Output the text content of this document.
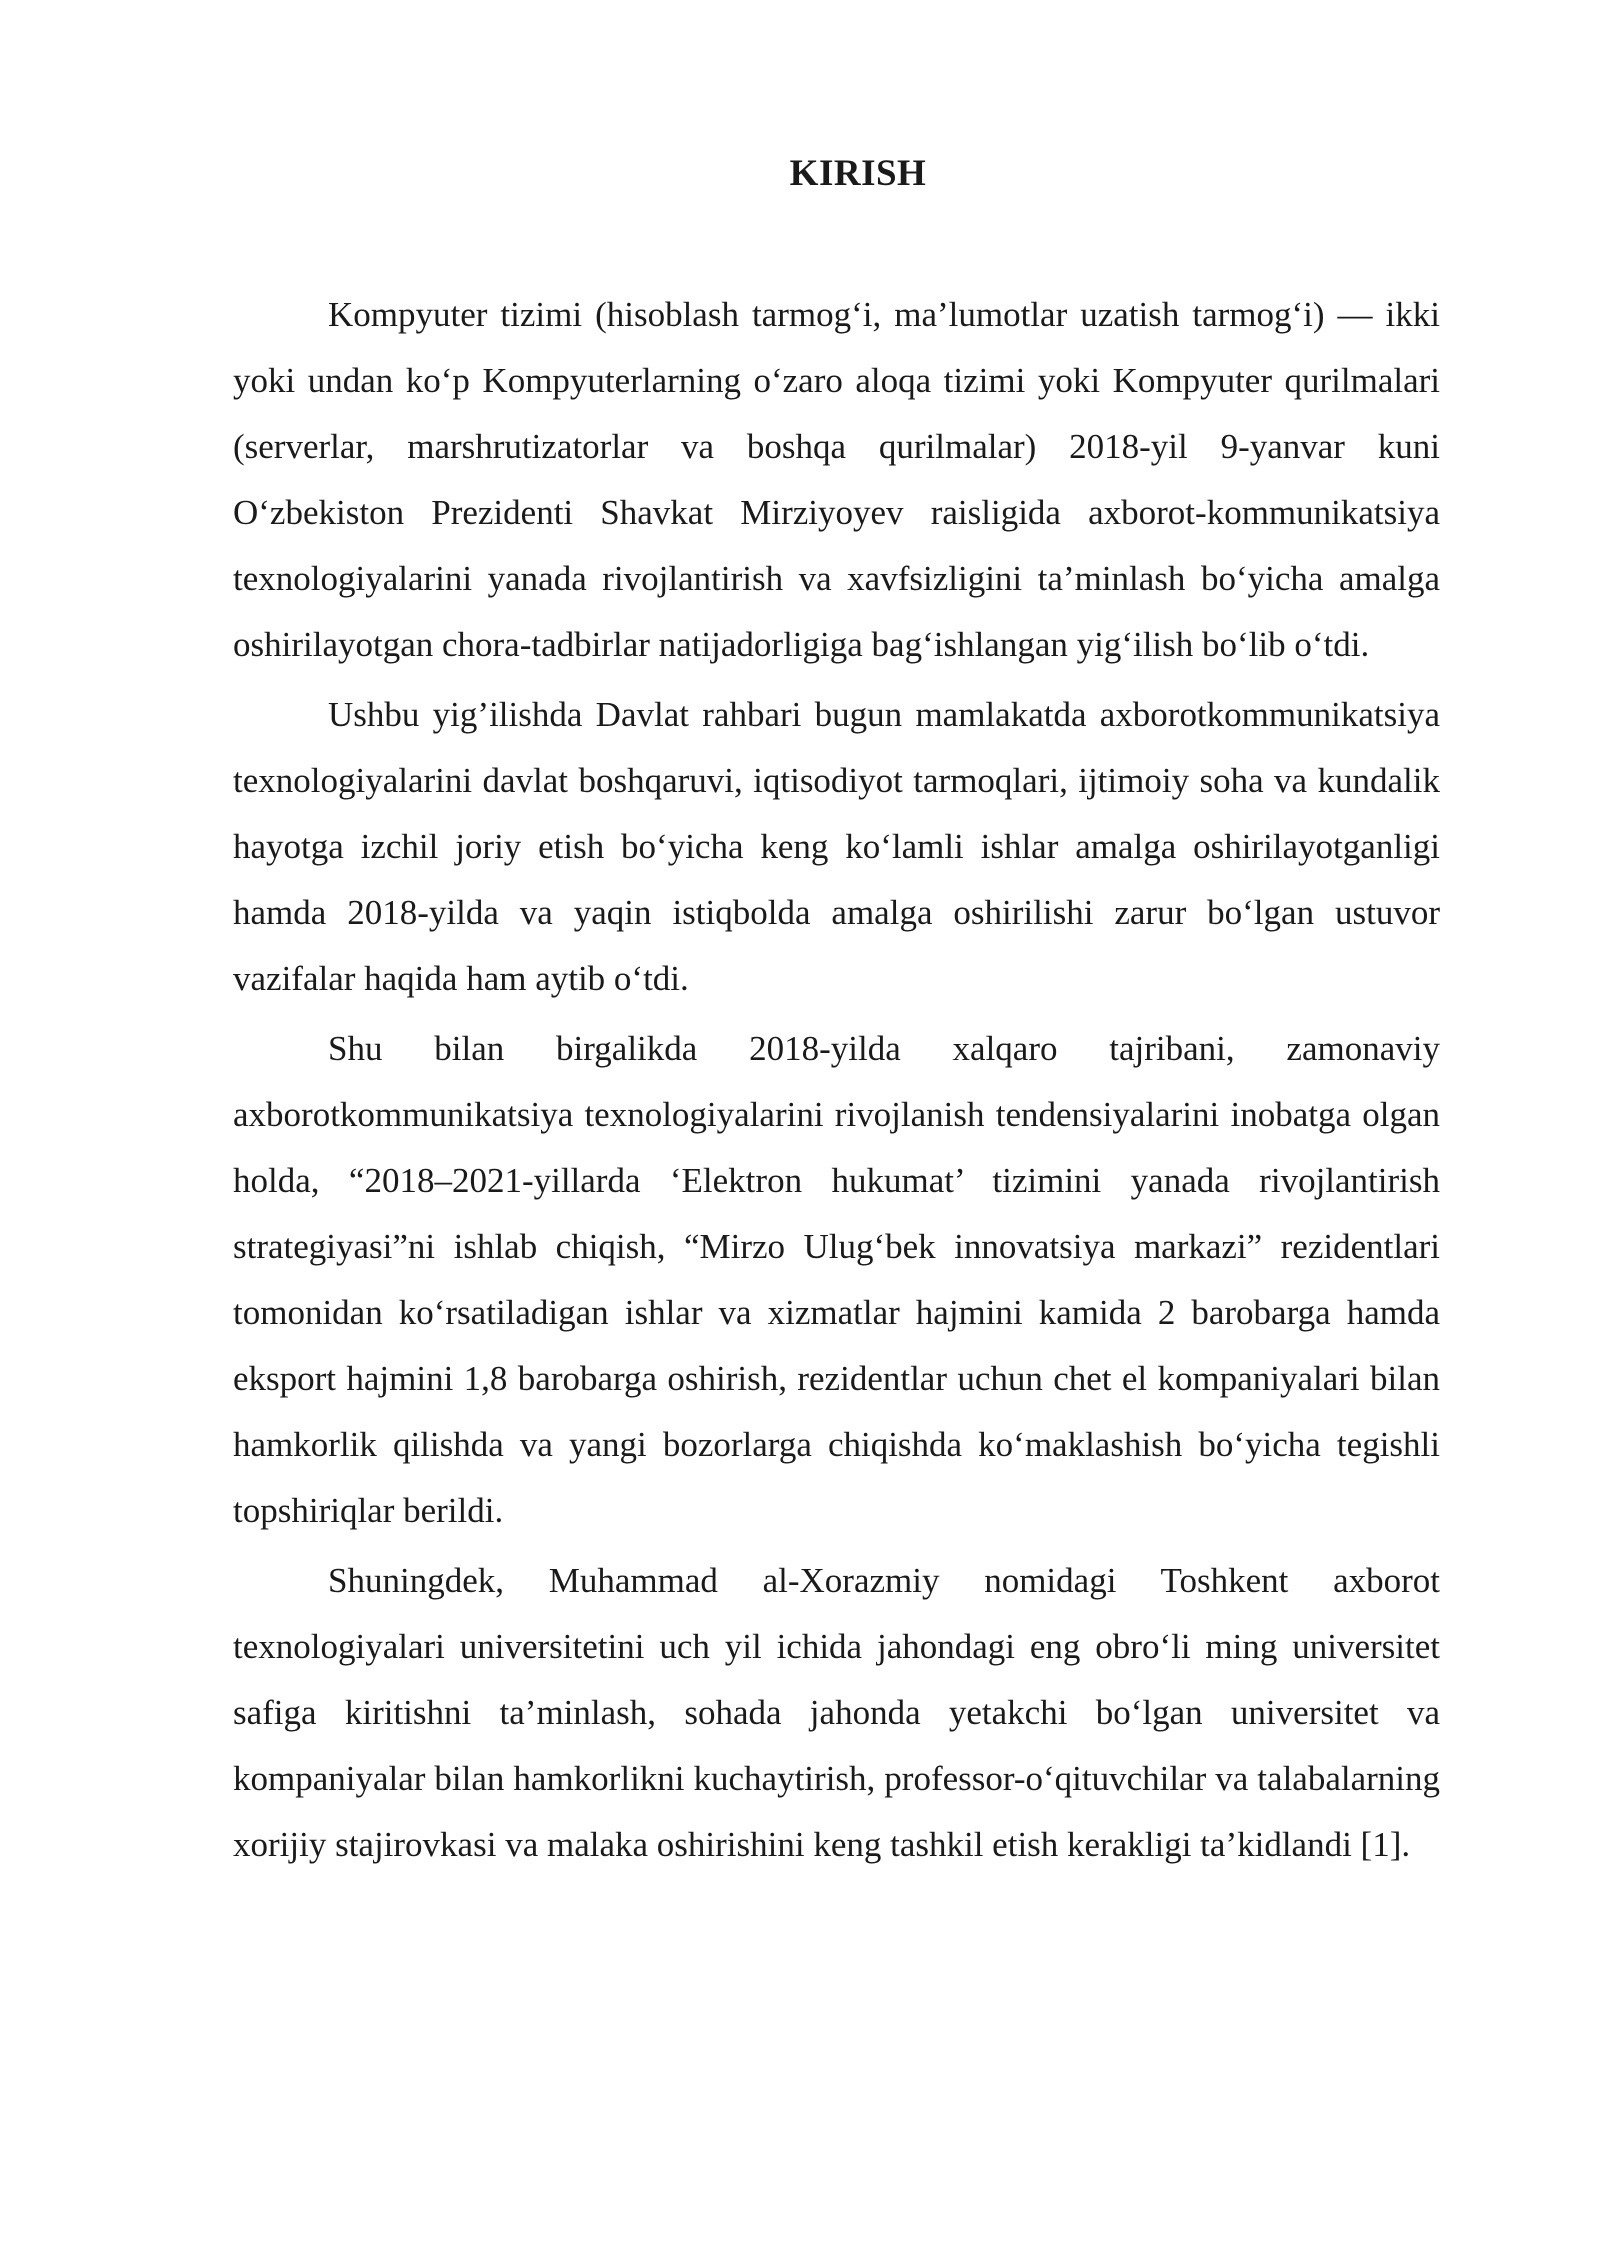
KIRISH

Kompyuter tizimi (hisoblash tarmog‘i, ma’lumotlar uzatish tarmog‘i) — ikki yoki undan ko‘p Kompyuterlarning o‘zaro aloqa tizimi yoki Kompyuter qurilmalari (serverlar, marshrutizatorlar va boshqa qurilmalar) 2018-yil 9-yanvar kuni O‘zbekiston Prezidenti Shavkat Mirziyoyev raisligida axborot-kommunikatsiya texnologiyalarini yanada rivojlantirish va xavfsizligini ta’minlash bo‘yicha amalga oshirilayotgan chora-tadbirlar natijadorligiga bag‘ishlangan yig‘ilish bo‘lib o‘tdi.

Ushbu yig’ilishda Davlat rahbari bugun mamlakatda axborotkommunikatsiya texnologiyalarini davlat boshqaruvi, iqtisodiyot tarmoqlari, ijtimoiy soha va kundalik hayotga izchil joriy etish bo‘yicha keng ko‘lamli ishlar amalga oshirilayotganligi hamda 2018-yilda va yaqin istiqbolda amalga oshirilishi zarur bo‘lgan ustuvor vazifalar haqida ham aytib o‘tdi.

Shu bilan birgalikda 2018-yilda xalqaro tajribani, zamonaviy axborotkommunikatsiya texnologiyalarini rivojlanish tendensiyalarini inobatga olgan holda, “2018–2021-yillarda ‘Elektron hukumat’ tizimini yanada rivojlantirish strategiyasi”ni ishlab chiqish, “Mirzo Ulug‘bek innovatsiya markazi” rezidentlari tomonidan ko‘rsatiladigan ishlar va xizmatlar hajmini kamida 2 barobarga hamda eksport hajmini 1,8 barobarga oshirish, rezidentlar uchun chet el kompaniyalari bilan hamkorlik qilishda va yangi bozorlarga chiqishda ko‘maklashish bo‘yicha tegishli topshiriqlar berildi.

Shuningdek, Muhammad al-Xorazmiy nomidagi Toshkent axborot texnologiyalari universitetini uch yil ichida jahondagi eng obro‘li ming universitet safiga kiritishni ta’minlash, sohada jahonda yetakchi bo‘lgan universitet va kompaniyalar bilan hamkorlikni kuchaytirish, professor-o‘qituvchilar va talabalarning xorijiy stajirovkasi va malaka oshirishini keng tashkil etish kerakligi ta’kidlandi [1].
